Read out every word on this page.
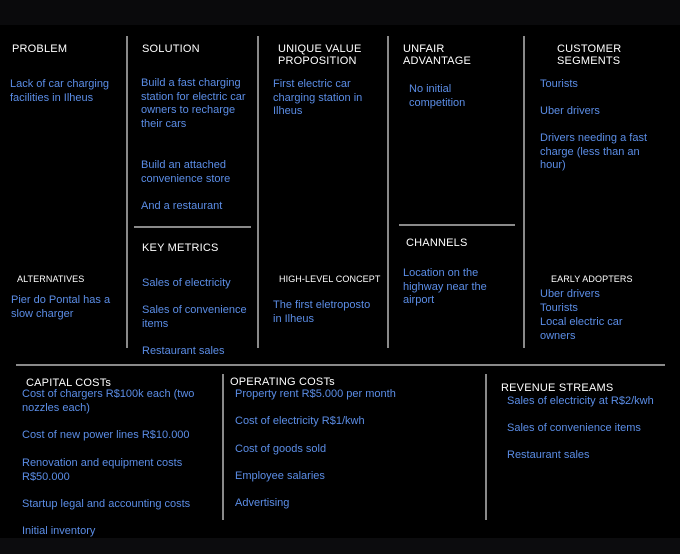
PROBLEM
Lack of car charging facilities in Ilheus
ALTERNATIVES
Pier do Pontal has a slow charger
SOLUTION
Build a fast charging station for electric car owners to recharge their cars
Build an attached convenience store
And a restaurant
KEY METRICS
Sales of electricity
Sales of convenience items
Restaurant sales
UNIQUE VALUE
PROPOSITION
First electric car charging station in Ilheus
HIGH-LEVEL CONCEPT
The first eletroposto in Ilheus
UNFAIR
ADVANTAGE
No initial competition
CHANNELS
Location on the highway near the airport
CUSTOMER
SEGMENTS
Tourists
Uber drivers
Drivers needing a fast charge (less than an hour)
EARLY ADOPTERS
Uber drivers
Tourists
Local electric car owners
CAPITAL COSTs
Cost of chargers R$100k each (two nozzles each)
Cost of new power lines R$10.000
Renovation and equipment costs R$50.000
Startup legal and accounting costs
Initial inventory
OPERATING COSTs
Property rent R$5.000 per month
Cost of electricity R$1/kwh
Cost of goods sold
Employee salaries
Advertising
REVENUE STREAMS
Sales of electricity at R$2/kwh
Sales of convenience items
Restaurant sales
